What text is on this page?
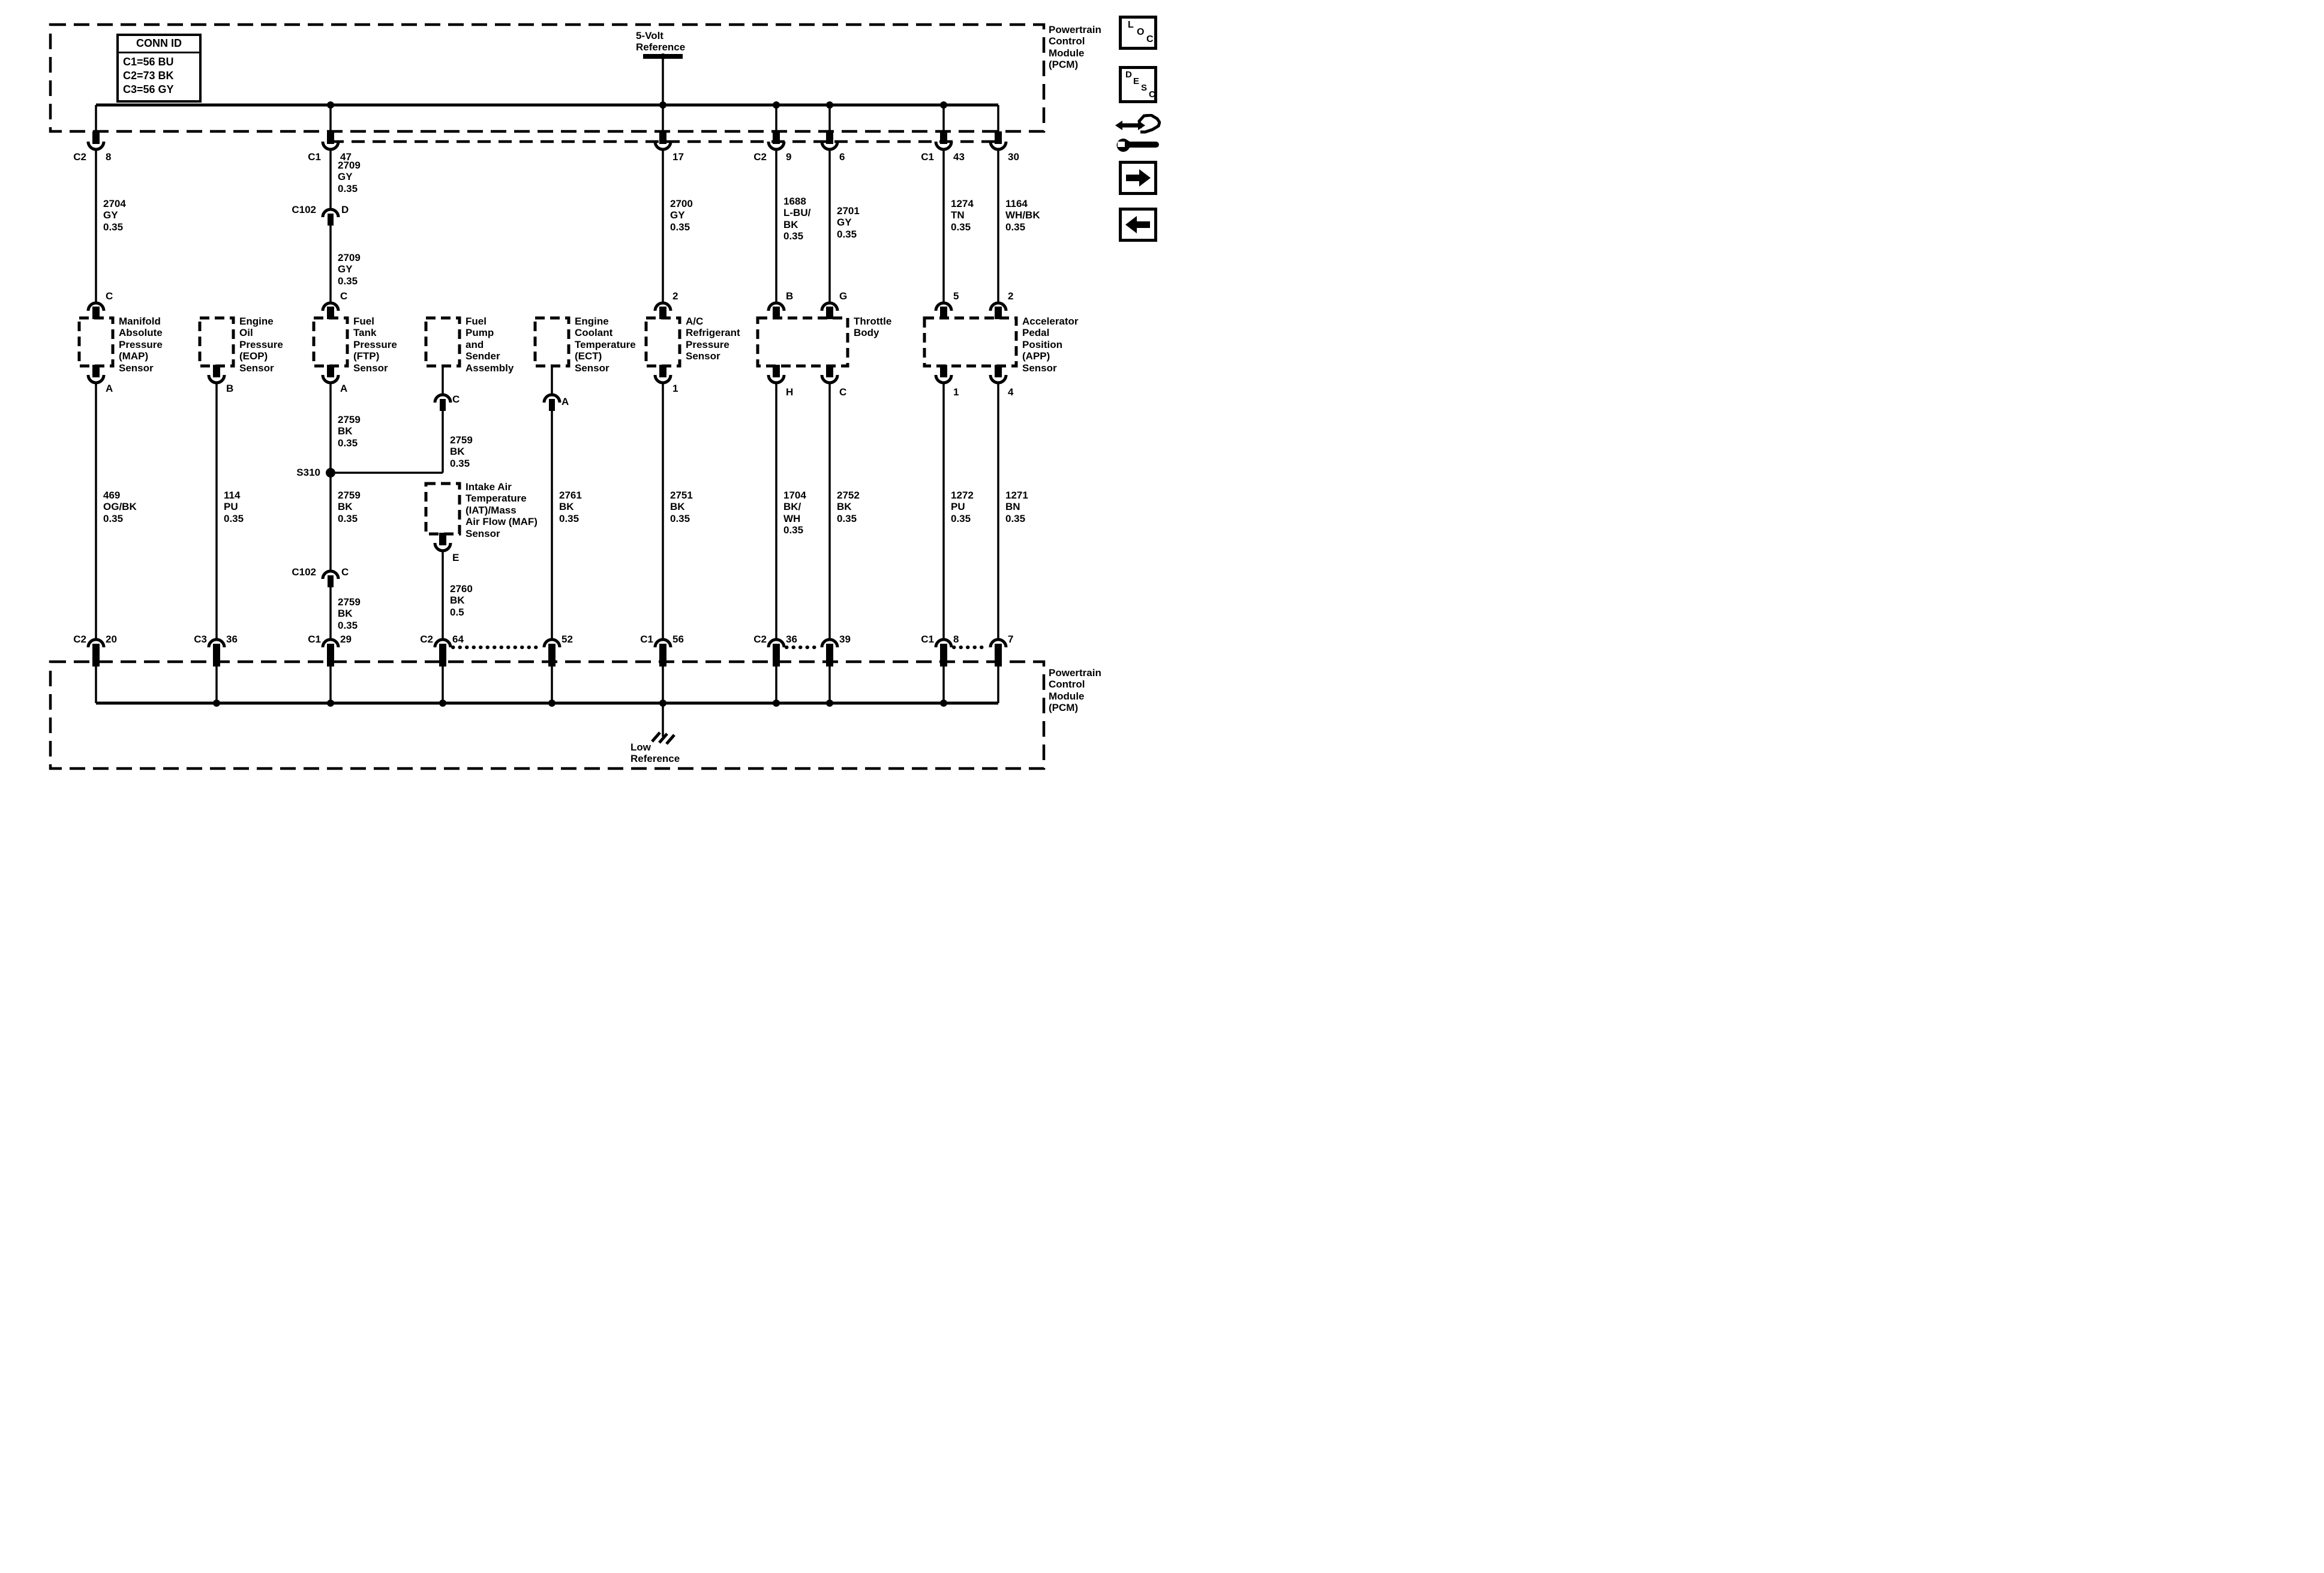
CONN ID
C1=56 BU
C2=73 BK
C3=56 GY
5-Volt
Reference
Low
Reference
Powertrain
Control
Module
(PCM)
Powertrain
Control
Module
(PCM)
C2 8	C1 47	17	C2 9	6	C1 43	30
C2 20	C3 36	C1 29	C2 64	52	C1 56	C2 36	39	C1 8	7
C102 D
C102 C
S310
C	C	2	B	G	5	2
A	B	A	1	H	C	1	4
C	A
E
Manifold
Absolute
Pressure
(MAP)
Sensor
Engine
Oil
Pressure
(EOP)
Sensor
Fuel
Tank
Pressure
(FTP)
Sensor
Fuel
Pump
and
Sender
Assembly
Engine
Coolant
Temperature
(ECT)
Sensor
A/C
Refrigerant
Pressure
Sensor
Throttle
Body
Accelerator
Pedal
Position
(APP)
Sensor
Intake Air
Temperature
(IAT)/Mass
Air Flow (MAF)
Sensor
2704
GY
0.35
2709
GY
0.35
2709
GY
0.35
2700
GY
0.35
1688
L-BU/
BK
0.35
2701
GY
0.35
1274
TN
0.35
1164
WH/BK
0.35
2759
BK
0.35	2759
BK
0.35
2759
BK
0.35
2759
BK
0.35
2760
BK
0.5
2761
BK
0.35
469
OG/BK
0.35
114
PU
0.35
2751
BK
0.35
1704
BK/
WH
0.35
2752
BK
0.35
1272
PU
0.35
1271
BN
0.35
L
O
C
D
E
S
C
